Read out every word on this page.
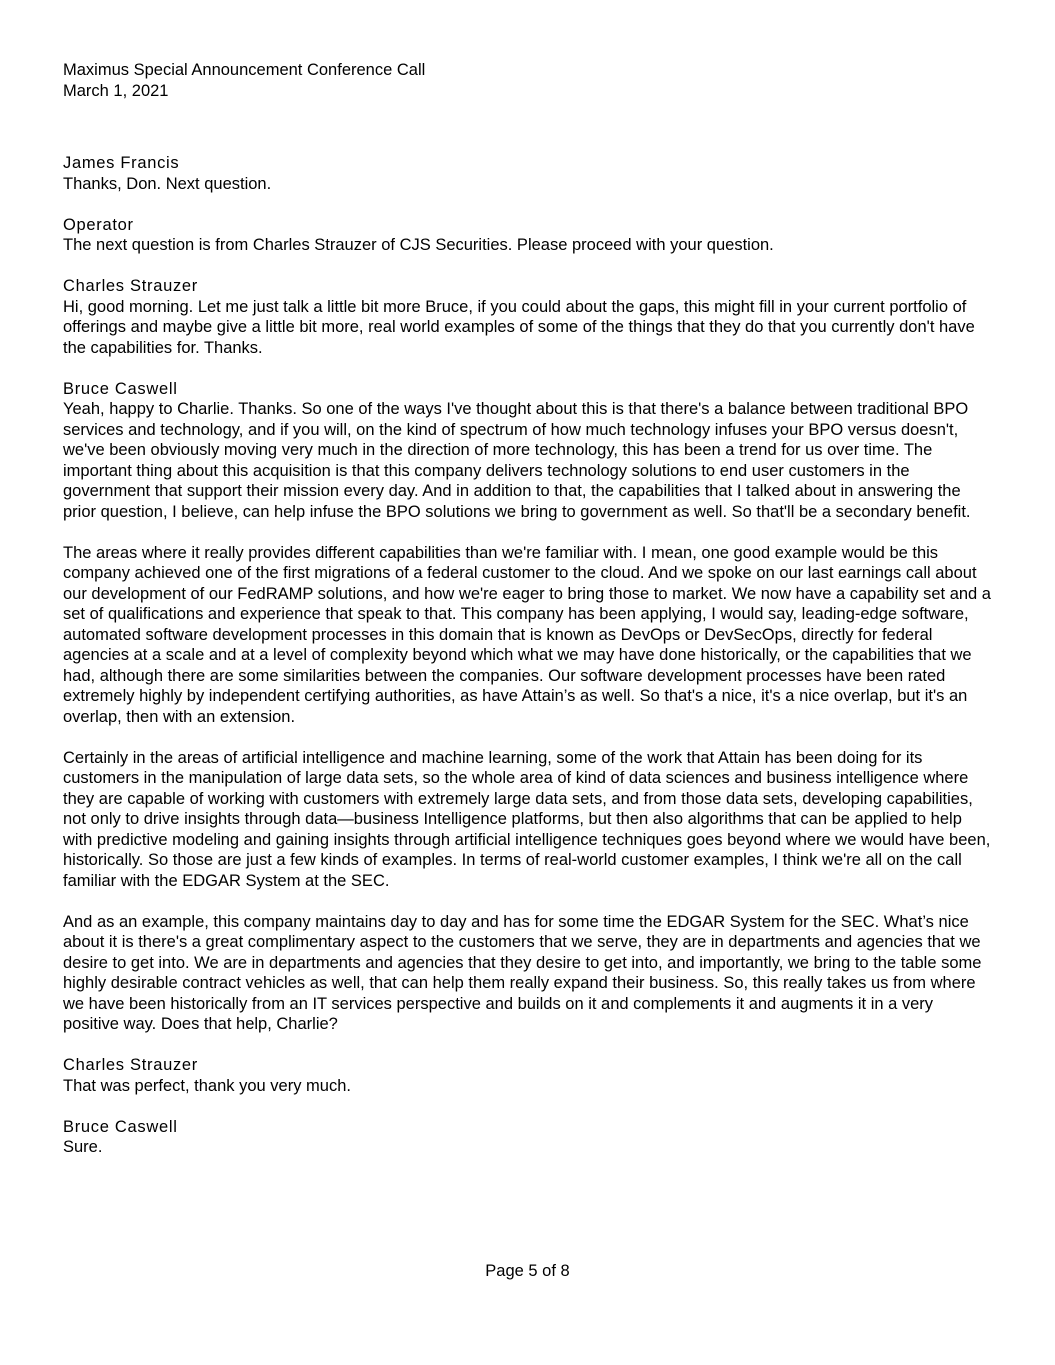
Maximus Special Announcement Conference Call
March 1, 2021
James Francis

Thanks, Don. Next question.

Operator

The next question is from Charles Strauzer of CJS Securities. Please proceed with your question.

Charles Strauzer

Hi, good morning. Let me just talk a little bit more Bruce, if you could about the gaps, this might fill in your current portfolio of offerings and maybe give a little bit more, real world examples of some of the things that they do that you currently don't have the capabilities for. Thanks.

Bruce Caswell

Yeah, happy to Charlie. Thanks. So one of the ways I've thought about this is that there's a balance between traditional BPO services and technology, and if you will, on the kind of spectrum of how much technology infuses your BPO versus doesn't, we've been obviously moving very much in the direction of more technology, this has been a trend for us over time. The important thing about this acquisition is that this company delivers technology solutions to end user customers in the government that support their mission every day. And in addition to that, the capabilities that I talked about in answering the prior question, I believe, can help infuse the BPO solutions we bring to government as well. So that'll be a secondary benefit.

The areas where it really provides different capabilities than we're familiar with. I mean, one good example would be this company achieved one of the first migrations of a federal customer to the cloud. And we spoke on our last earnings call about our development of our FedRAMP solutions, and how we're eager to bring those to market. We now have a capability set and a set of qualifications and experience that speak to that. This company has been applying, I would say, leading-edge software, automated software development processes in this domain that is known as DevOps or DevSecOps, directly for federal agencies at a scale and at a level of complexity beyond which what we may have done historically, or the capabilities that we had, although there are some similarities between the companies. Our software development processes have been rated extremely highly by independent certifying authorities, as have Attain’s as well. So that's a nice, it's a nice overlap, but it's an overlap, then with an extension.

Certainly in the areas of artificial intelligence and machine learning, some of the work that Attain has been doing for its customers in the manipulation of large data sets, so the whole area of kind of data sciences and business intelligence where they are capable of working with customers with extremely large data sets, and from those data sets, developing capabilities, not only to drive insights through data—business Intelligence platforms, but then also algorithms that can be applied to help with predictive modeling and gaining insights through artificial intelligence techniques goes beyond where we would have been, historically. So those are just a few kinds of examples. In terms of real-world customer examples, I think we're all on the call familiar with the EDGAR System at the SEC.

And as an example, this company maintains day to day and has for some time the EDGAR System for the SEC. What’s nice about it is there's a great complimentary aspect to the customers that we serve, they are in departments and agencies that we desire to get into. We are in departments and agencies that they desire to get into, and importantly, we bring to the table some highly desirable contract vehicles as well, that can help them really expand their business. So, this really takes us from where we have been historically from an IT services perspective and builds on it and complements it and augments it in a very positive way. Does that help, Charlie?

Charles Strauzer

That was perfect, thank you very much.

Bruce Caswell

Sure.

Page 5 of 8
